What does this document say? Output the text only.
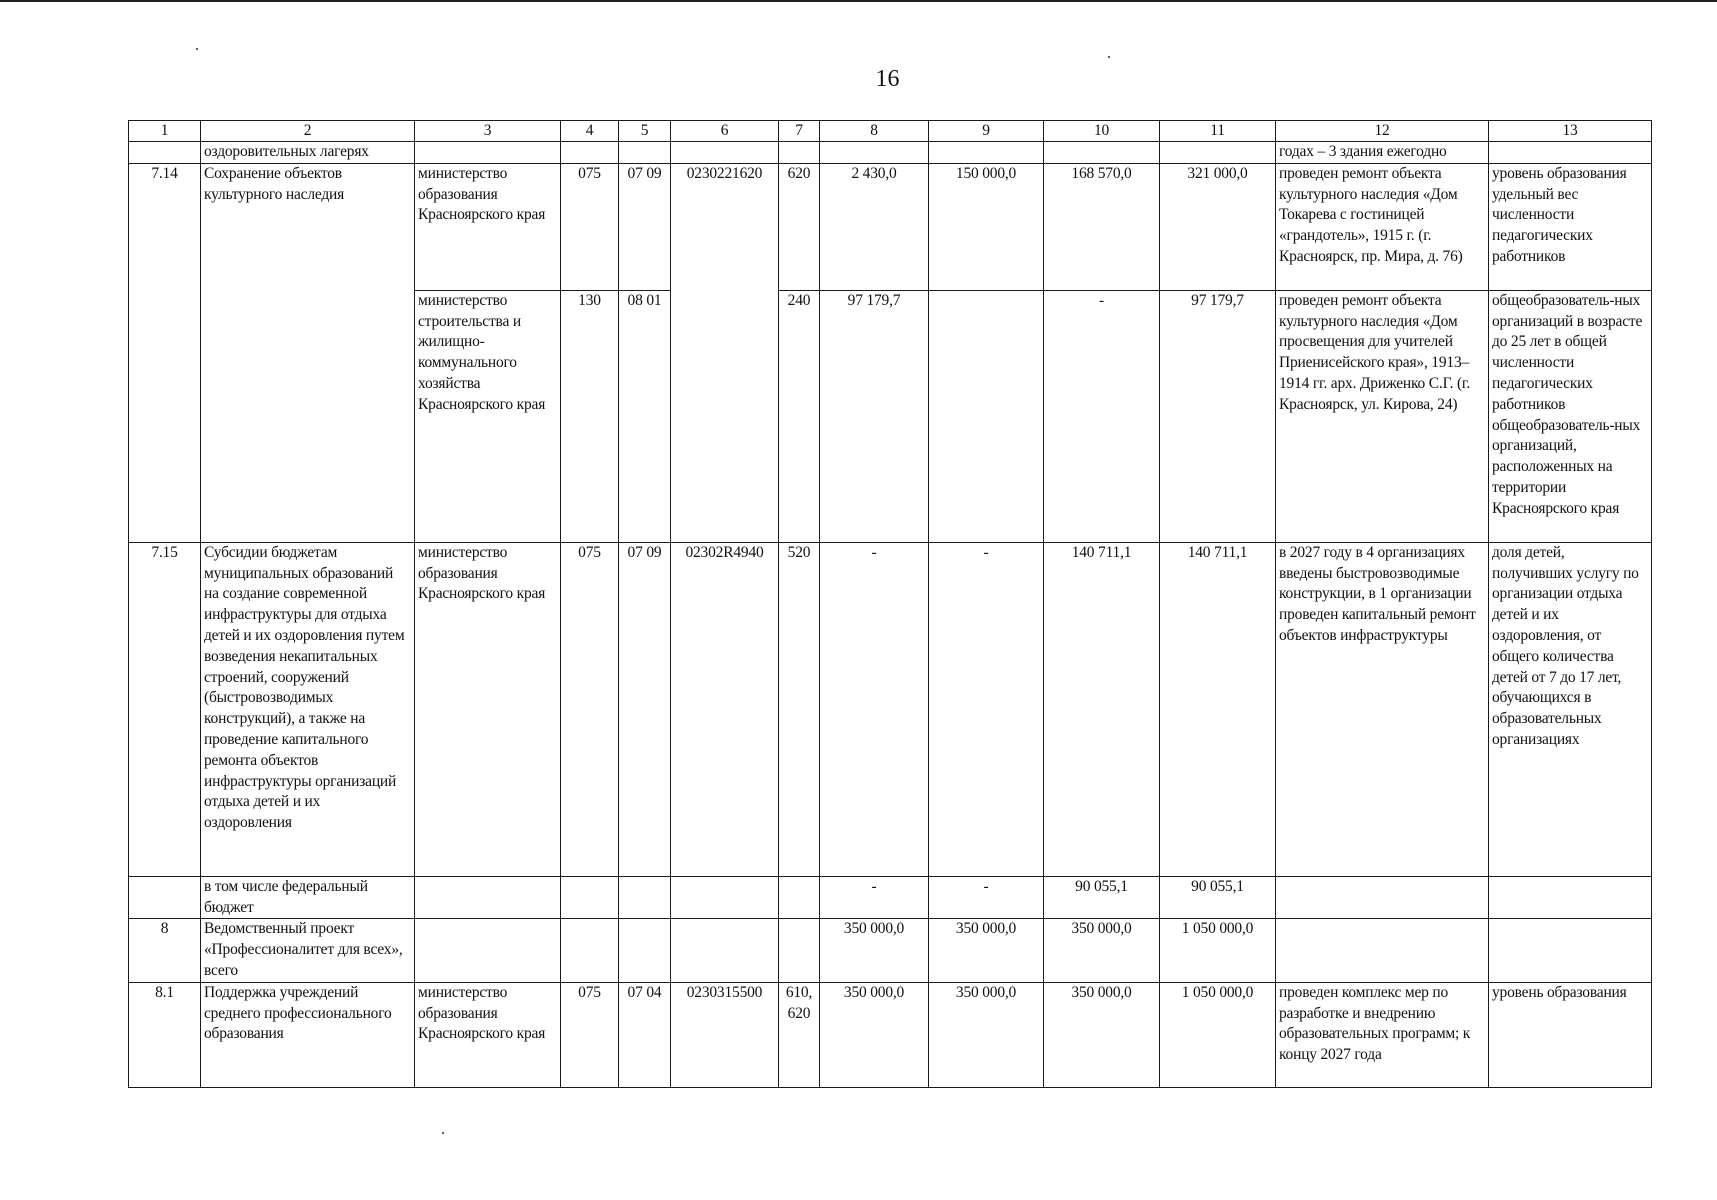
16
1	2	3	4	5	6	7	8	9	10	11	12	13
	оздоровительных лагерях										годах – 3 здания ежегодно	
7.14	Сохранение объектов культурного наследия	министерство образования Красноярского края	075	07 09	0230221620	620	2 430,0	150 000,0	168 570,0	321 000,0	проведен ремонт объекта культурного наследия «Дом Токарева с гостиницей «грандотель», 1915 г. (г. Красноярск, пр. Мира, д. 76)	уровень образования удельный вес численности педагогических работников
		министерство строительства и жилищно-коммунального хозяйства Красноярского края	130	08 01		240	97 179,7		-	97 179,7	проведен ремонт объекта культурного наследия «Дом просвещения для учителей Приенисейского края», 1913–1914 гг. арх. Дриженко С.Г. (г. Красноярск, ул. Кирова, 24)	общеобразователь-ных организаций в возрасте до 25 лет в общей численности педагогических работников общеобразователь-ных организаций, расположенных на территории Красноярского края
7.15	Субсидии бюджетам муниципальных образований на создание современной инфраструктуры для отдыха детей и их оздоровления путем возведения некапитальных строений, сооружений (быстровозводимых конструкций), а также на проведение капитального ремонта объектов инфраструктуры организаций отдыха детей и их оздоровления	министерство образования Красноярского края	075	07 09	02302R4940	520	-	-	140 711,1	140 711,1	в 2027 году в 4 организациях введены быстровозводимые конструкции, в 1 организации проведен капитальный ремонт объектов инфраструктуры	доля детей, получивших услугу по организации отдыха детей и их оздоровления, от общего количества детей от 7 до 17 лет, обучающихся в образовательных организациях
	в том числе федеральный бюджет						-	-	90 055,1	90 055,1		
8	Ведомственный проект «Профессионалитет для всех», всего						350 000,0	350 000,0	350 000,0	1 050 000,0		
8.1	Поддержка учреждений среднего профессионального образования	министерство образования Красноярского края	075	07 04	0230315500	610, 620	350 000,0	350 000,0	350 000,0	1 050 000,0	проведен комплекс мер по разработке и внедрению образовательных программ; к концу 2027 года	уровень образования
